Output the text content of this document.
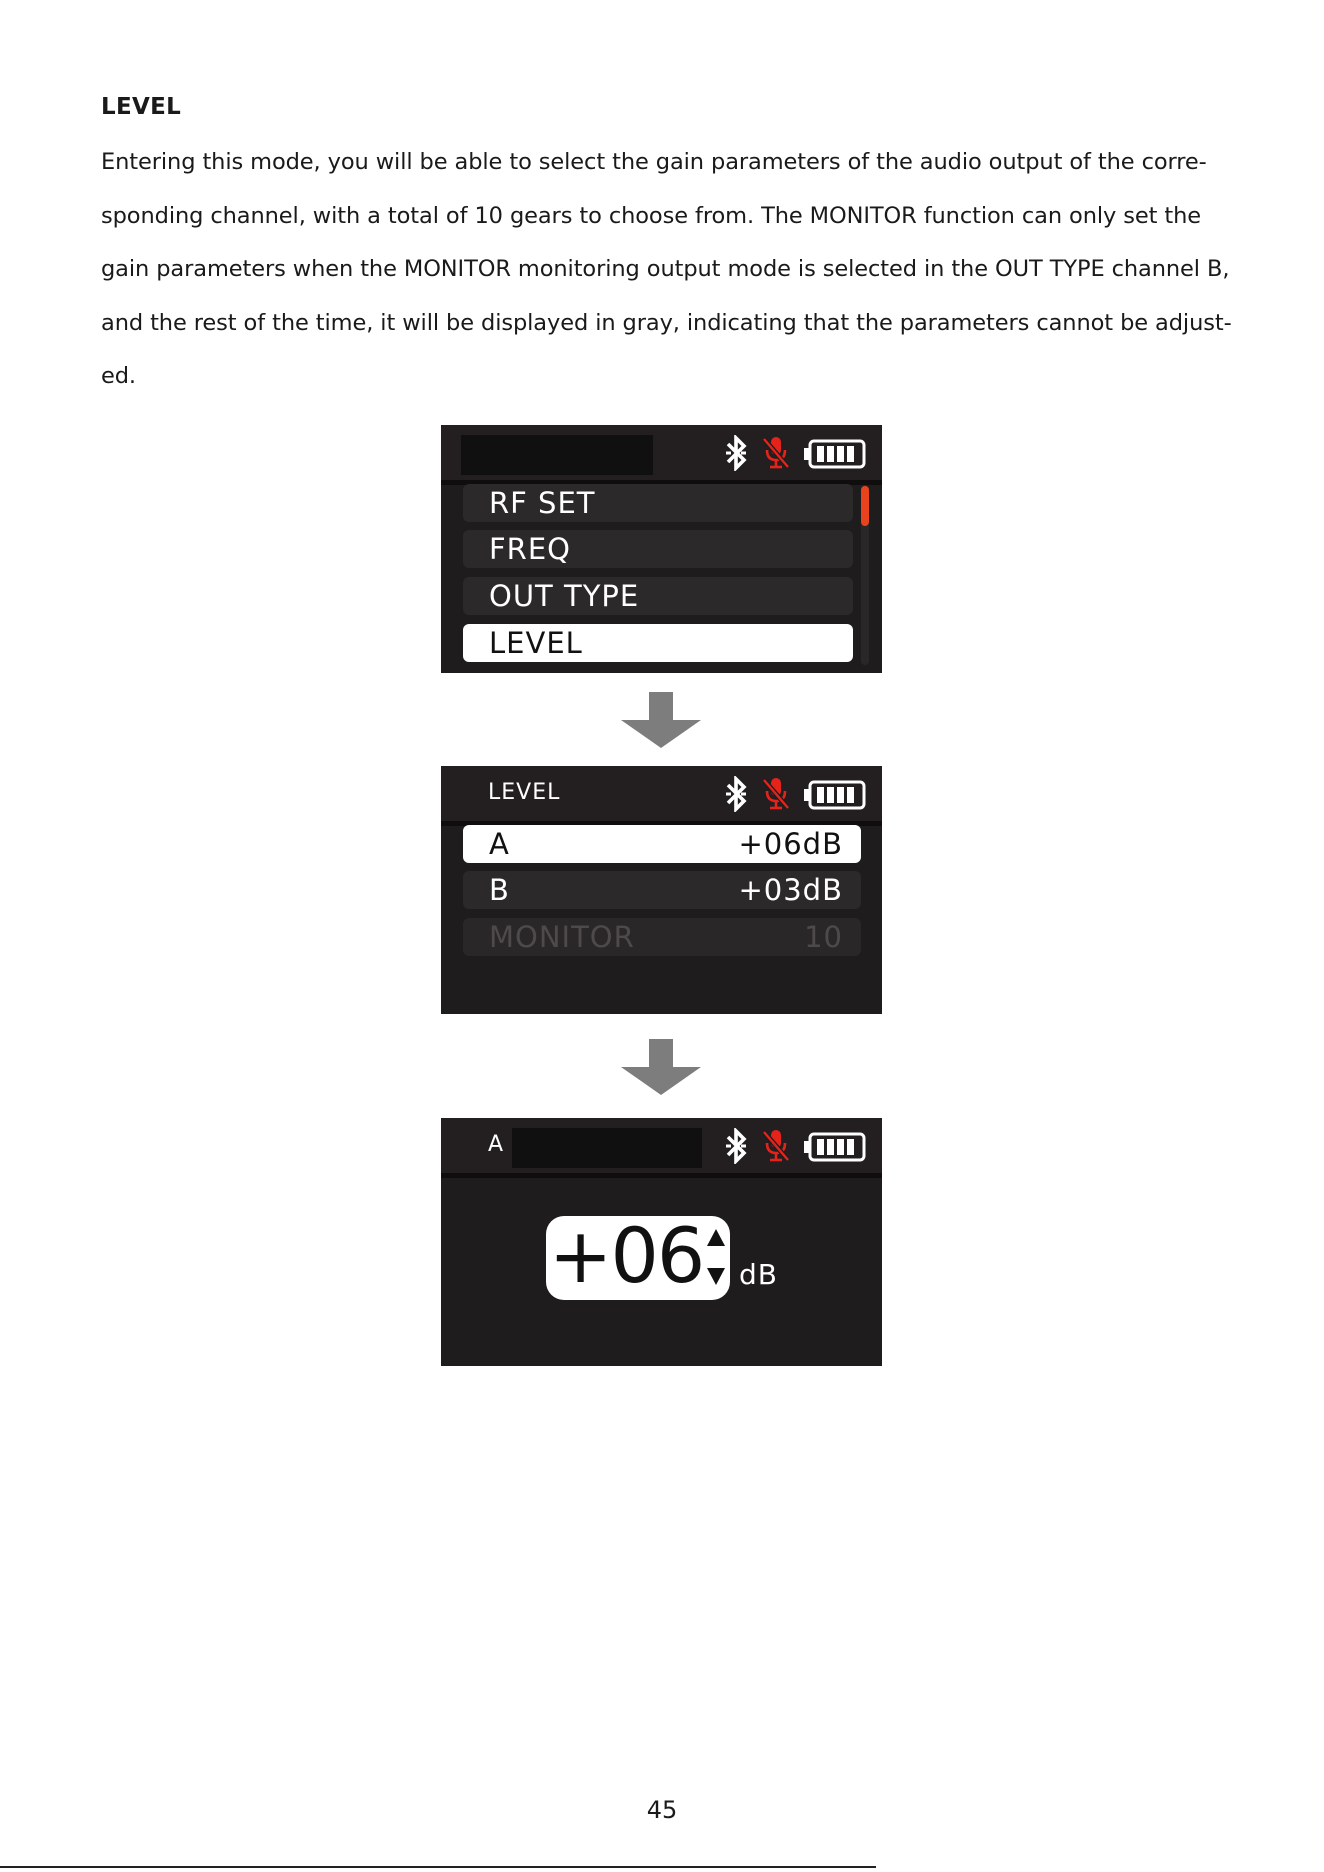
LEVEL

Entering this mode, you will be able to select the gain parameters of the audio output of the corre-

sponding channel, with a total of 10 gears to choose from. The MONITOR function can only set the

gain parameters when the MONITOR monitoring output mode is selected in the OUT TYPE channel B,

and the rest of the time, it will be displayed in gray, indicating that the parameters cannot be adjust-

ed.

RF SET
FREQ
OUT TYPE
LEVEL
LEVEL
A	+06dB
B	+03dB
MONITOR	10
A
+06 dB
45
